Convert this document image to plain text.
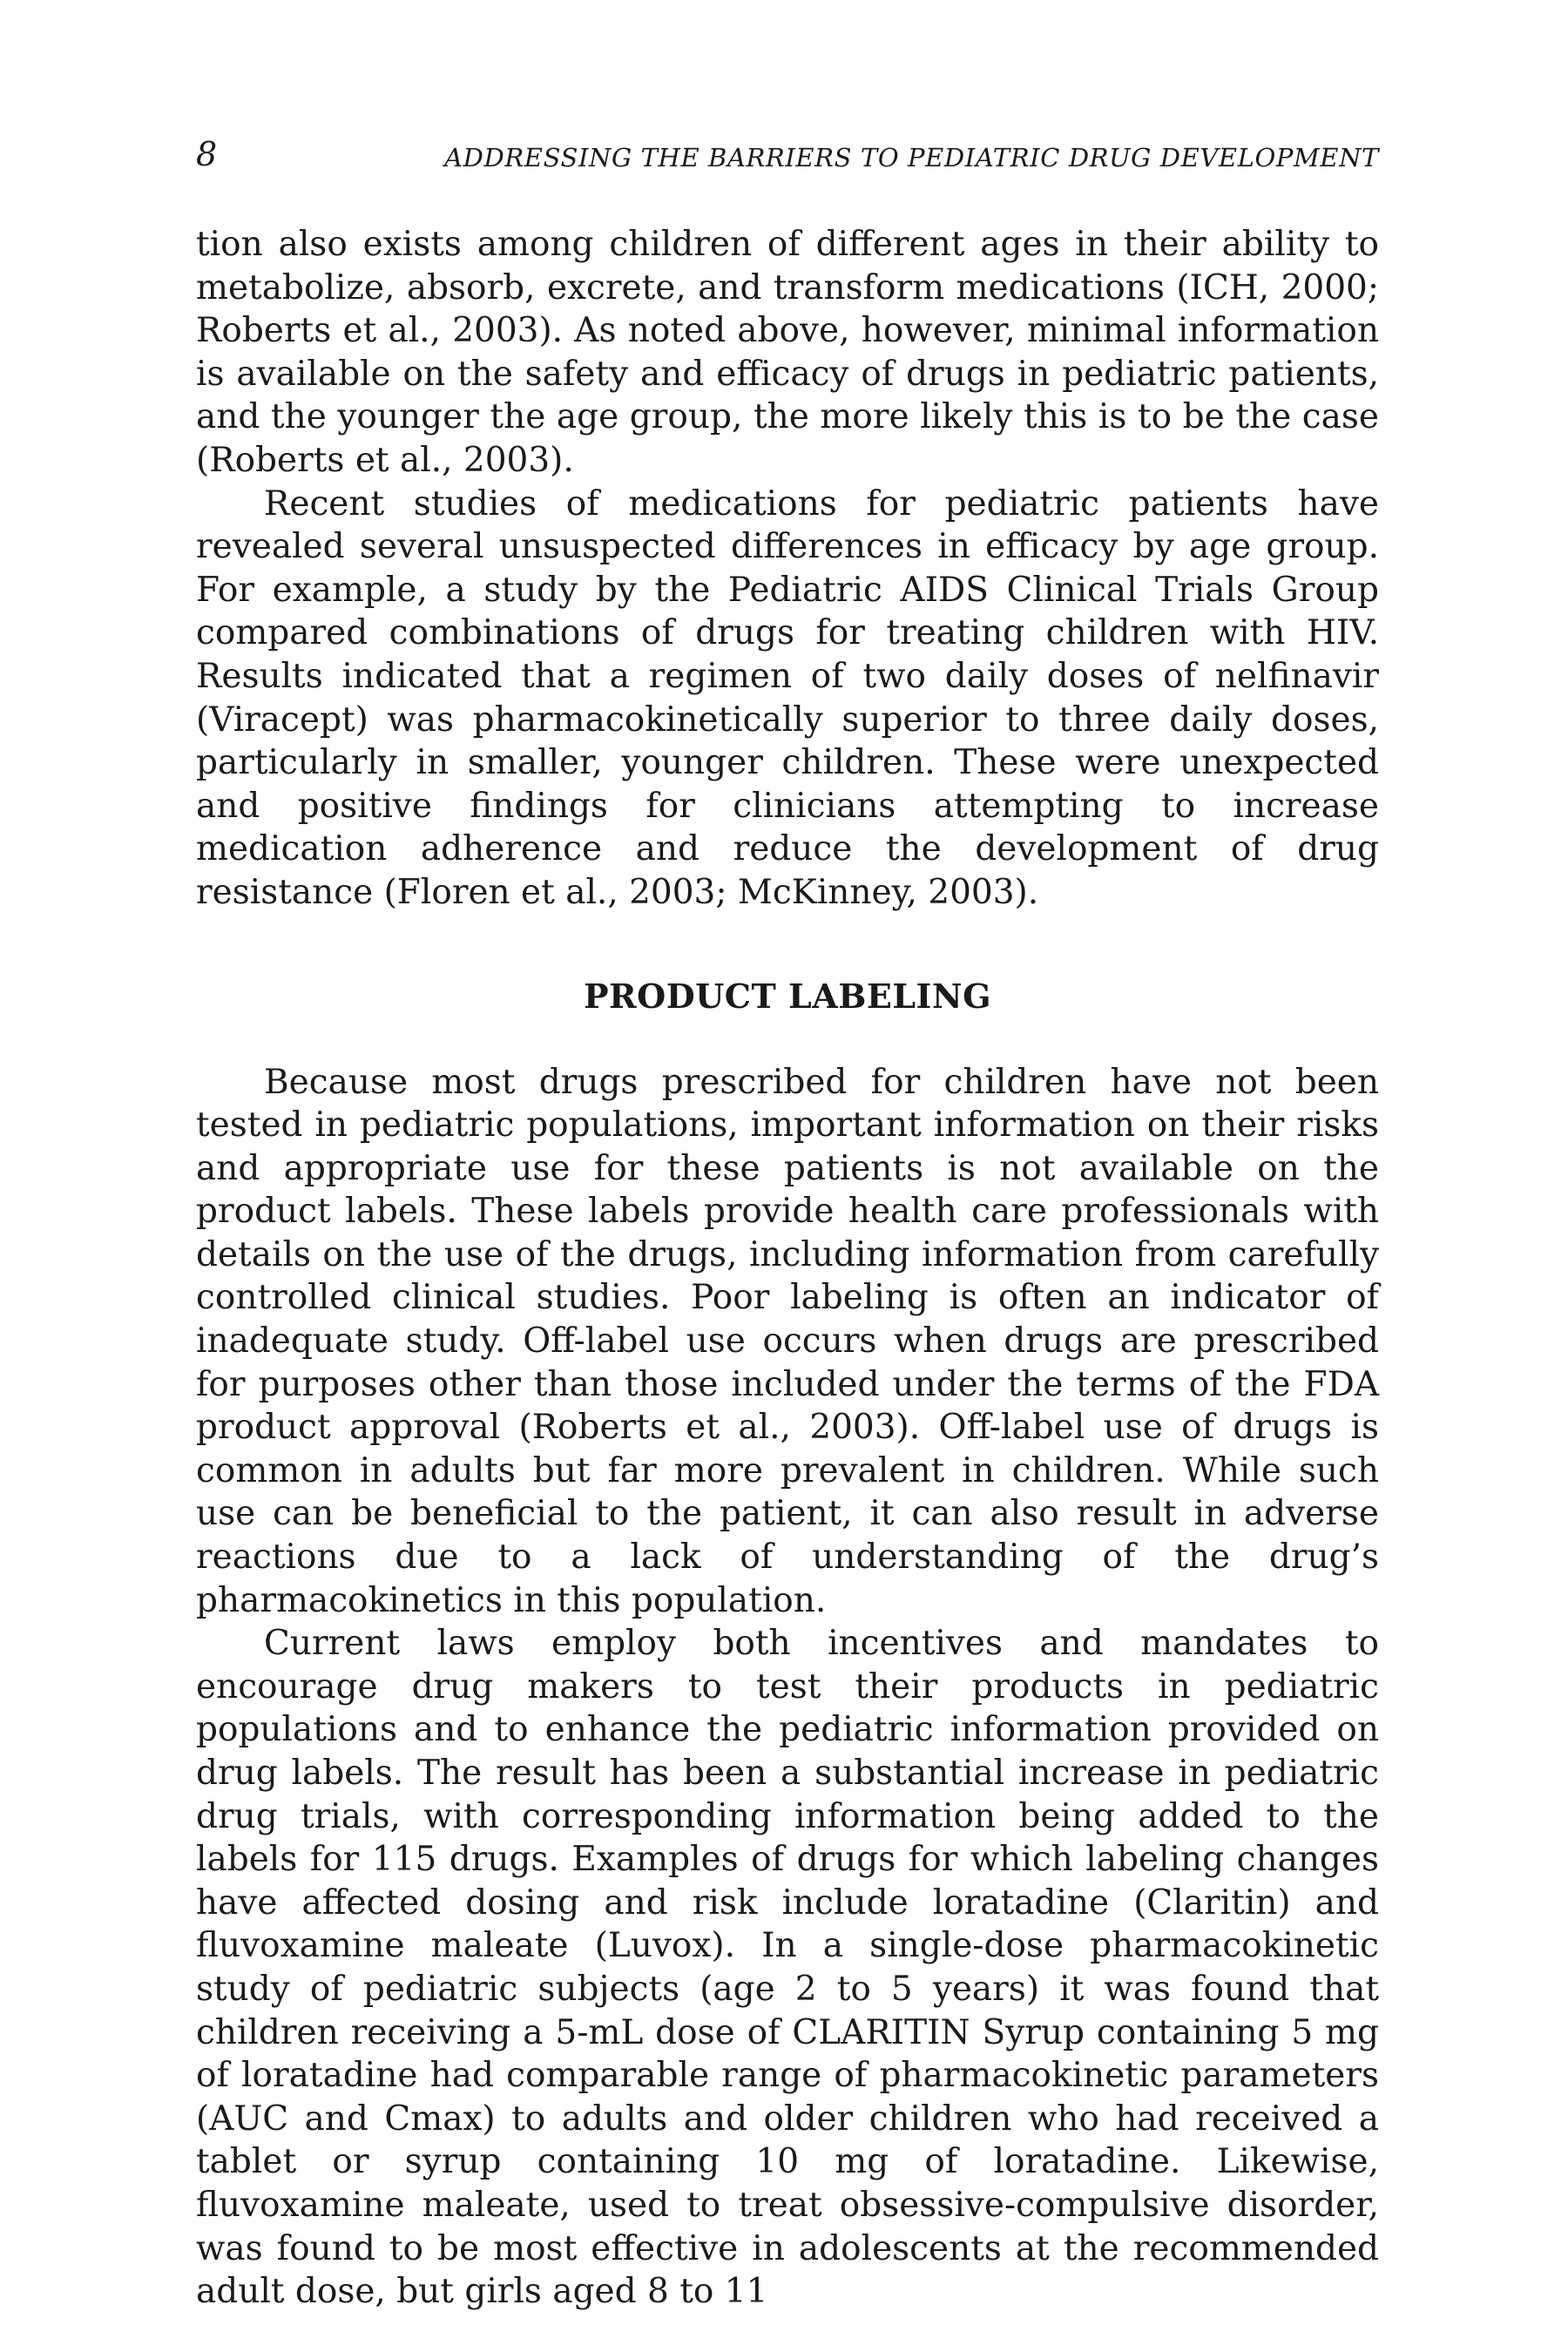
8	ADDRESSING THE BARRIERS TO PEDIATRIC DRUG DEVELOPMENT

tion also exists among children of different ages in their ability to metabolize, absorb, excrete, and transform medications (ICH, 2000; Roberts et al., 2003). As noted above, however, minimal information is available on the safety and efficacy of drugs in pediatric patients, and the younger the age group, the more likely this is to be the case (Roberts et al., 2003).

Recent studies of medications for pediatric patients have revealed several unsuspected differences in efficacy by age group. For example, a study by the Pediatric AIDS Clinical Trials Group compared combinations of drugs for treating children with HIV. Results indicated that a regimen of two daily doses of nelfinavir (Viracept) was pharmacokinetically superior to three daily doses, particularly in smaller, younger children. These were unexpected and positive findings for clinicians attempting to increase medication adherence and reduce the development of drug resistance (Floren et al., 2003; McKinney, 2003).

PRODUCT LABELING

Because most drugs prescribed for children have not been tested in pediatric populations, important information on their risks and appropriate use for these patients is not available on the product labels. These labels provide health care professionals with details on the use of the drugs, including information from carefully controlled clinical studies. Poor labeling is often an indicator of inadequate study. Off-label use occurs when drugs are prescribed for purposes other than those included under the terms of the FDA product approval (Roberts et al., 2003). Off-label use of drugs is common in adults but far more prevalent in children. While such use can be beneficial to the patient, it can also result in adverse reactions due to a lack of understanding of the drug’s pharmacokinetics in this population.

Current laws employ both incentives and mandates to encourage drug makers to test their products in pediatric populations and to enhance the pediatric information provided on drug labels. The result has been a substantial increase in pediatric drug trials, with corresponding information being added to the labels for 115 drugs. Examples of drugs for which labeling changes have affected dosing and risk include loratadine (Claritin) and fluvoxamine maleate (Luvox). In a single-dose pharmacokinetic study of pediatric subjects (age 2 to 5 years) it was found that children receiving a 5-mL dose of CLARITIN Syrup containing 5 mg of loratadine had comparable range of pharmacokinetic parameters (AUC and Cmax) to adults and older children who had received a tablet or syrup containing 10 mg of loratadine. Likewise, fluvoxamine maleate, used to treat obsessive-compulsive disorder, was found to be most effective in adolescents at the recommended adult dose, but girls aged 8 to 11
